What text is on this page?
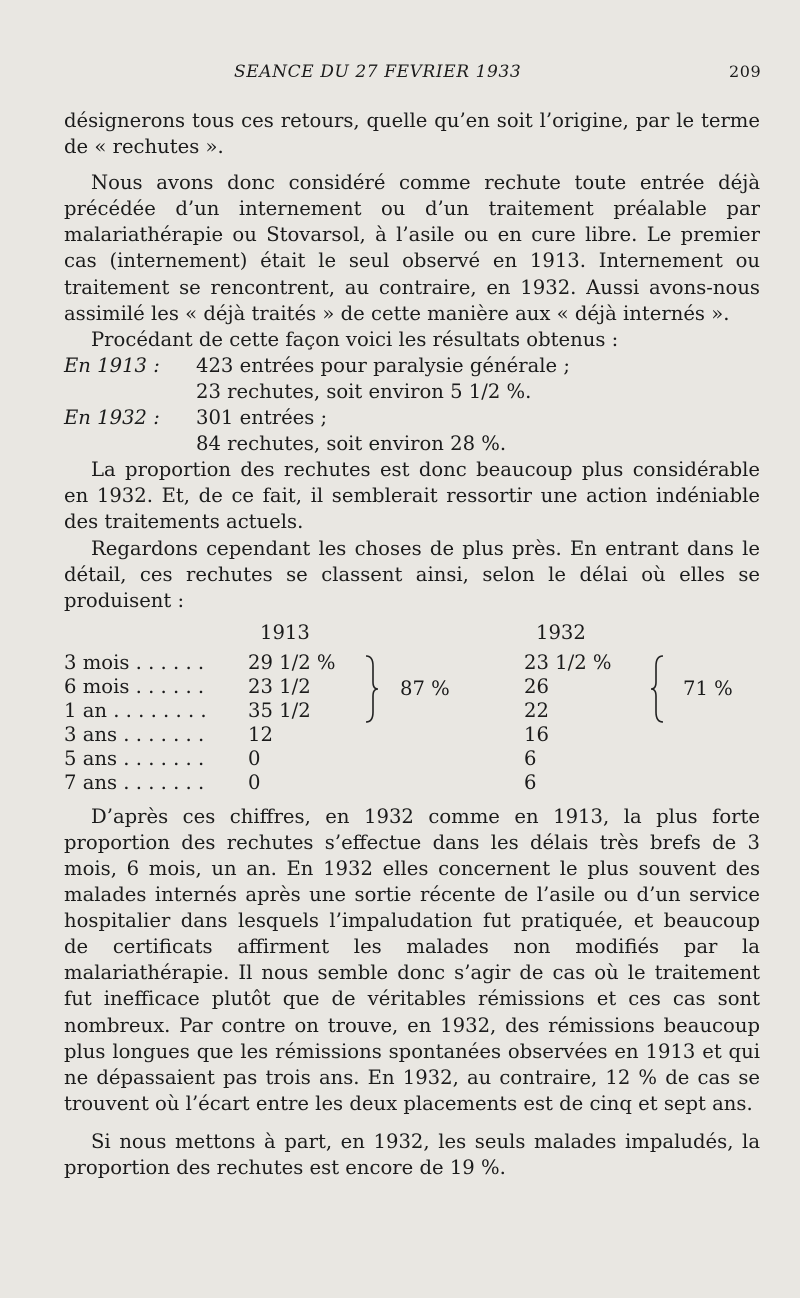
SEANCE DU 27 FEVRIER 1933	209

désignerons tous ces retours, quelle qu’en soit l’origine, par le terme de « rechutes ».

Nous avons donc considéré comme rechute toute entrée déjà précédée d’un internement ou d’un traitement préalable par malariathérapie ou Stovarsol, à l’asile ou en cure libre. Le premier cas (internement) était le seul observé en 1913. Internement ou traitement se rencontrent, au contraire, en 1932. Aussi avons-nous assimilé les « déjà traités » de cette manière aux « déjà internés ».

Procédant de cette façon voici les résultats obtenus :

En 1913 : 423 entrées pour paralysie générale ;
23 rechutes, soit environ 5 1/2 %.
En 1932 : 301 entrées ;
84 rechutes, soit environ 28 %.

La proportion des rechutes est donc beaucoup plus considérable en 1932. Et, de ce fait, il semblerait ressortir une action indéniable des traitements actuels.

Regardons cependant les choses de plus près. En entrant dans le détail, ces rechutes se classent ainsi, selon le délai où elles se produisent :

1913	1932
3 mois . . . . . . 29 1/2 %	23 1/2 %
6 mois . . . . . . 23 1/2	26
1 an . . . . . . . . 35 1/2	22
3 ans . . . . . . . 12	16
5 ans . . . . . . . 0	6
7 ans . . . . . . . 0	6
87 %	71 %

D’après ces chiffres, en 1932 comme en 1913, la plus forte proportion des rechutes s’effectue dans les délais très brefs de 3 mois, 6 mois, un an. En 1932 elles concernent le plus souvent des malades internés après une sortie récente de l’asile ou d’un service hospitalier dans lesquels l’impaludation fut pratiquée, et beaucoup de certificats affirment les malades non modifiés par la malariathérapie. Il nous semble donc s’agir de cas où le traitement fut inefficace plutôt que de véritables rémissions et ces cas sont nombreux. Par contre on trouve, en 1932, des rémissions beaucoup plus longues que les rémissions spontanées observées en 1913 et qui ne dépassaient pas trois ans. En 1932, au contraire, 12 % de cas se trouvent où l’écart entre les deux placements est de cinq et sept ans.

Si nous mettons à part, en 1932, les seuls malades impaludés, la proportion des rechutes est encore de 19 %.
